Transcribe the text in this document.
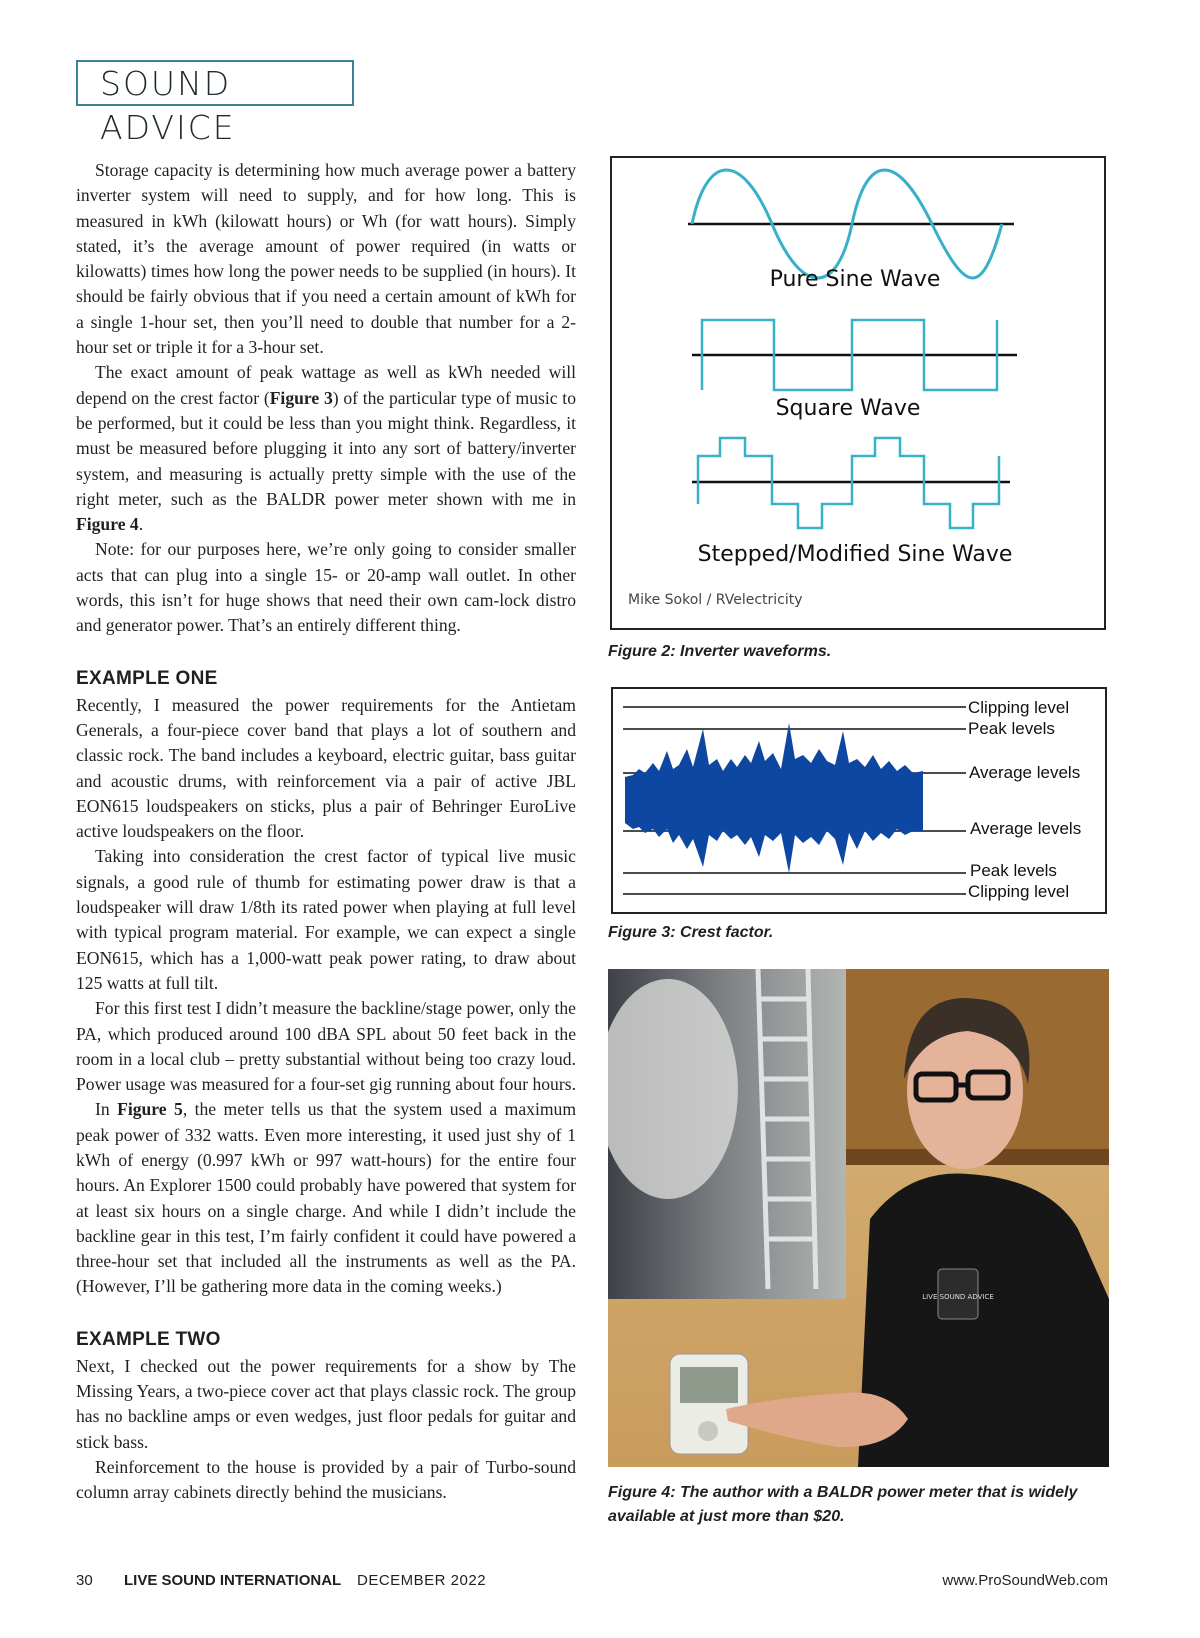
SOUND ADVICE

Storage capacity is determining how much average power a battery inverter system will need to supply, and for how long. This is measured in kWh (kilowatt hours) or Wh (for watt hours). Simply stated, it’s the average amount of power required (in watts or kilowatts) times how long the power needs to be supplied (in hours). It should be fairly obvious that if you need a certain amount of kWh for a single 1-hour set, then you’ll need to double that number for a 2-hour set or triple it for a 3-hour set.

The exact amount of peak wattage as well as kWh needed will depend on the crest factor (Figure 3) of the particular type of music to be performed, but it could be less than you might think. Regardless, it must be measured before plugging it into any sort of battery/inverter system, and measuring is actually pretty simple with the use of the right meter, such as the BALDR power meter shown with me in Figure 4.

Note: for our purposes here, we’re only going to consider smaller acts that can plug into a single 15- or 20-amp wall outlet. In other words, this isn’t for huge shows that need their own cam-lock distro and generator power. That’s an entirely different thing.

EXAMPLE ONE

Recently, I measured the power requirements for the Antietam Generals, a four-piece cover band that plays a lot of southern and classic rock. The band includes a keyboard, electric guitar, bass guitar and acoustic drums, with reinforcement via a pair of active JBL EON615 loudspeakers on sticks, plus a pair of Behringer EuroLive active loudspeakers on the floor.

Taking into consideration the crest factor of typical live music signals, a good rule of thumb for estimating power draw is that a loudspeaker will draw 1/8th its rated power when playing at full level with typical program material. For example, we can expect a single EON615, which has a 1,000-watt peak power rating, to draw about 125 watts at full tilt.

For this first test I didn’t measure the backline/stage power, only the PA, which produced around 100 dBA SPL about 50 feet back in the room in a local club – pretty substantial without being too crazy loud. Power usage was measured for a four-set gig running about four hours.

In Figure 5, the meter tells us that the system used a maximum peak power of 332 watts. Even more interesting, it used just shy of 1 kWh of energy (0.997 kWh or 997 watt-hours) for the entire four hours. An Explorer 1500 could probably have powered that system for at least six hours on a single charge. And while I didn’t include the backline gear in this test, I’m fairly confident it could have powered a three-hour set that included all the instruments as well as the PA. (However, I’ll be gathering more data in the coming weeks.)

EXAMPLE TWO

Next, I checked out the power requirements for a show by The Missing Years, a two-piece cover act that plays classic rock. The group has no backline amps or even wedges, just floor pedals for guitar and stick bass.

Reinforcement to the house is provided by a pair of Turbo-sound column array cabinets directly behind the musicians.

Pure Sine Wave
Square Wave
Stepped/Modified Sine Wave
Mike Sokol / RVelectricity
Figure 2: Inverter waveforms.
Clipping level
Peak levels
Average levels
Average levels
Peak levels
Clipping level
Figure 3: Crest factor.
LIVE SOUND ADVICE
Figure 4: The author with a BALDR power meter that is widely
available at just more than $20.
30 LIVE SOUND INTERNATIONAL DECEMBER 2022	www.ProSoundWeb.com
